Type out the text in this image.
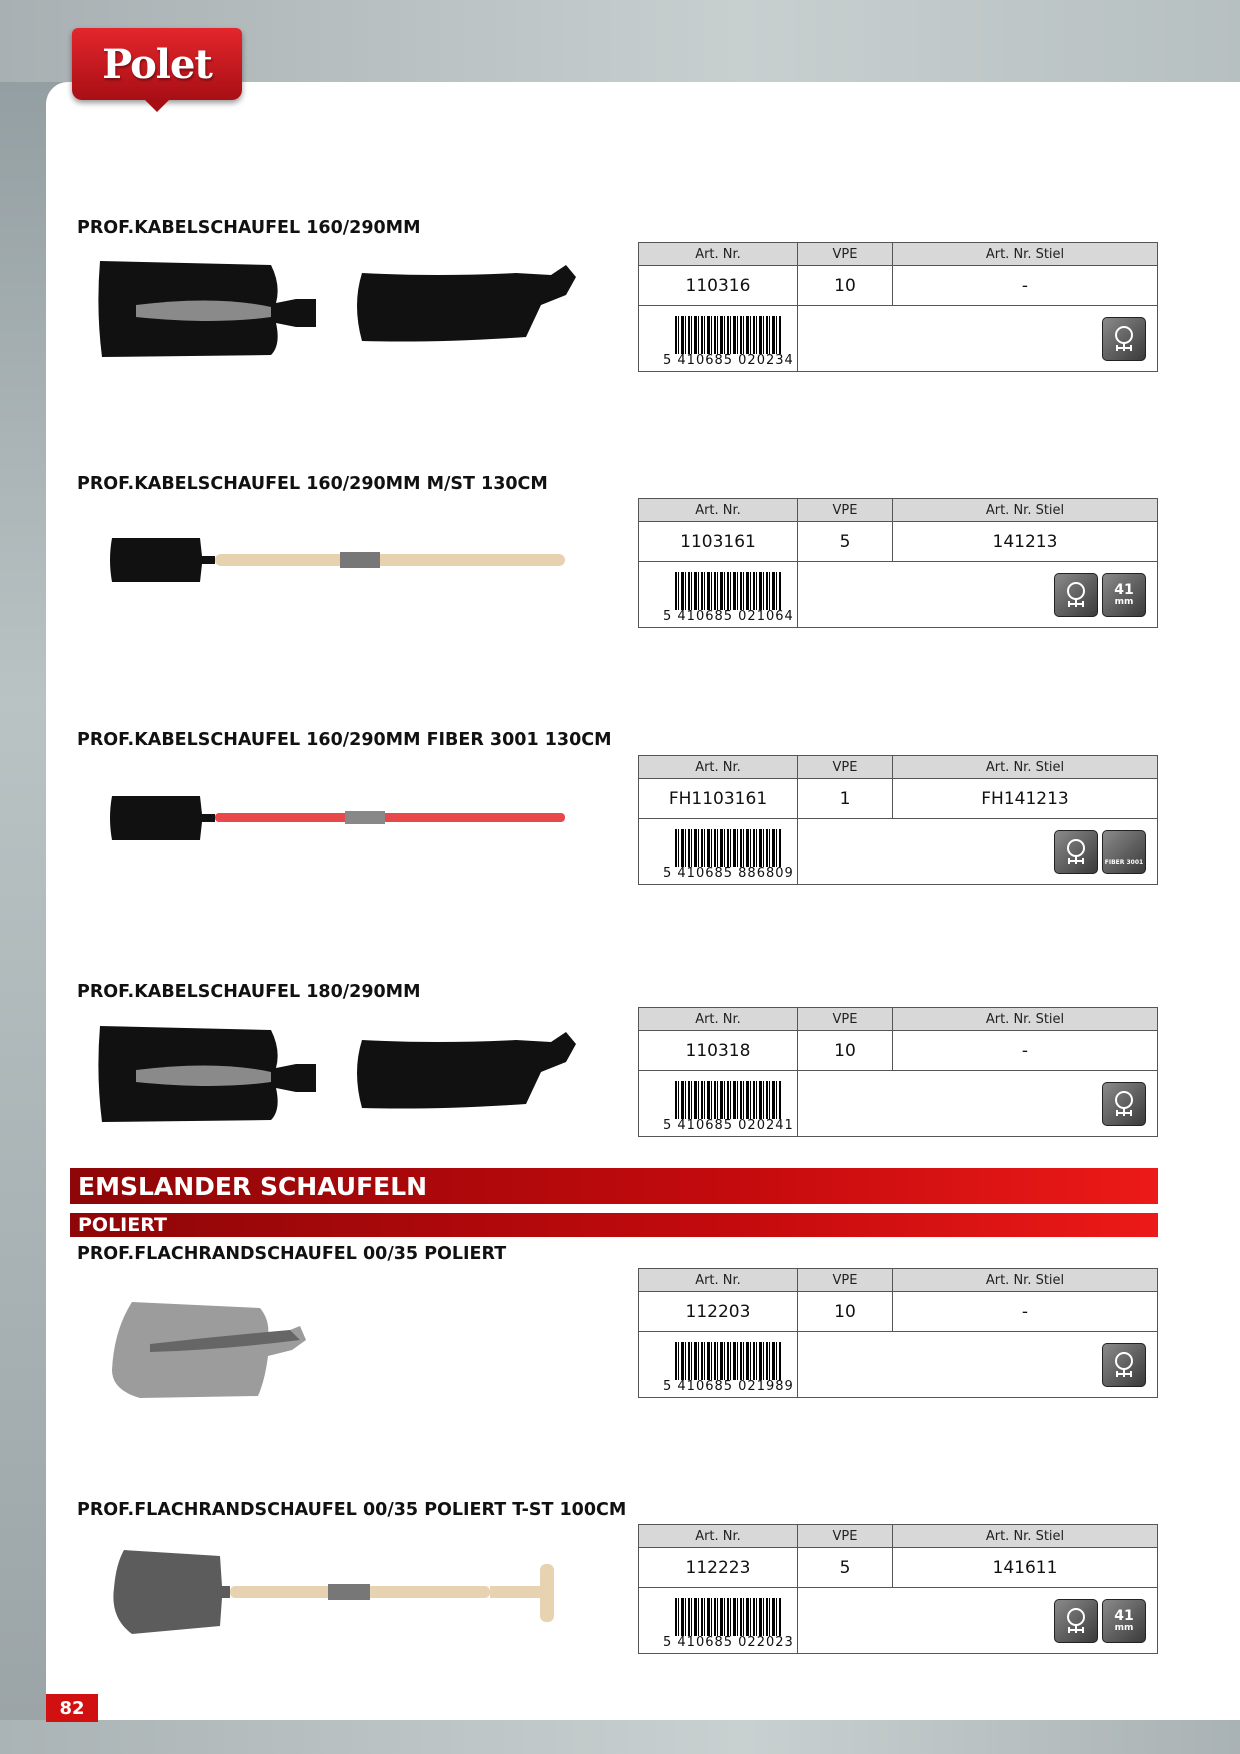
Polet
PROF.KABELSCHAUFEL 160/290MM
Art. Nr.	VPE	Art. Nr. Stiel
110316	10	-
5 410685 020234
PROF.KABELSCHAUFEL 160/290MM M/ST 130CM
Art. Nr.	VPE	Art. Nr. Stiel
1103161	5	141213
5 410685 021064
41
mm
PROF.KABELSCHAUFEL 160/290MM FIBER 3001 130CM
Art. Nr.	VPE	Art. Nr. Stiel
FH1103161	1	FH141213
5 410685 886809
FIBER 3001
PROF.KABELSCHAUFEL 180/290MM
Art. Nr.	VPE	Art. Nr. Stiel
110318	10	-
5 410685 020241
EMSLANDER SCHAUFELN
POLIERT
PROF.FLACHRANDSCHAUFEL 00/35 POLIERT
Art. Nr.	VPE	Art. Nr. Stiel
112203	10	-
5 410685 021989
PROF.FLACHRANDSCHAUFEL 00/35 POLIERT T-ST 100CM
Art. Nr.	VPE	Art. Nr. Stiel
112223	5	141611
5 410685 022023
41
mm
82
